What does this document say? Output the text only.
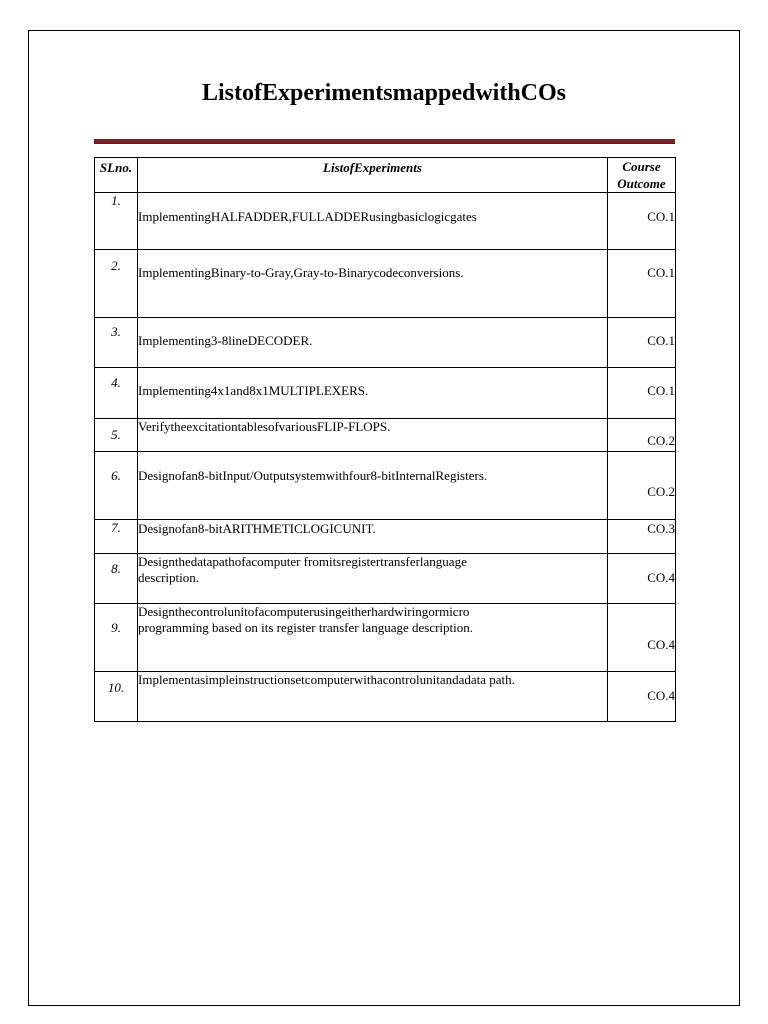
ListofExperimentsmappedwithCOs
SLno.	ListofExperiments	Course
Outcome

1.	ImplementingHALFADDER,FULLADDERusingbasiclogicgates	CO.1
2.	ImplementingBinary-to-Gray,Gray-to-Binarycodeconversions.	CO.1
3.	Implementing3-8lineDECODER.	CO.1
4.	Implementing4x1and8x1MULTIPLEXERS.	CO.1
5.	VerifytheexcitationtablesofvariousFLIP-FLOPS.	CO.2
6.	Designofan8-bitInput/Outputsystemwithfour8-bitInternalRegisters.	CO.2
7.	Designofan8-bitARITHMETICLOGICUNIT.	CO.3
8.	Designthedatapathofacomputer fromitsregistertransferlanguage
description.	CO.4
9.	Designthecontrolunitofacomputerusingeitherhardwiringormicro
programming based on its register transfer language description.	CO.4
10.	Implementasimpleinstructionsetcomputerwithacontrolunitandadata path.	CO.4
